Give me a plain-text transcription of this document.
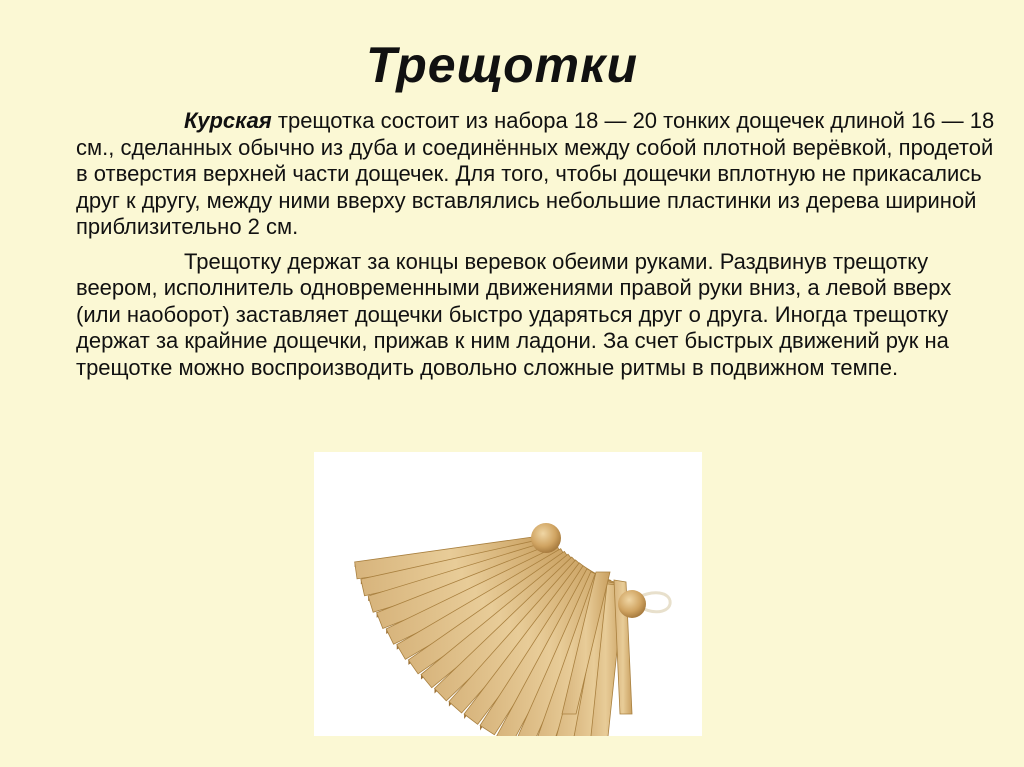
Трещотки

Курская трещотка состоит из набора 18 — 20 тонких дощечек длиной 16 — 18 см., сделанных обычно из дуба и соединённых между собой плотной верёвкой, продетой в отверстия верхней части дощечек. Для того, чтобы дощечки вплотную не прикасались друг к другу, между ними вверху вставлялись небольшие пластинки из дерева шириной приблизительно 2 см.

Трещотку держат за концы веревок обеими руками. Раздвинув трещотку веером, исполнитель одновременными движениями правой руки вниз, а левой вверх (или наоборот) заставляет дощечки быстро ударяться друг о друга. Иногда трещотку держат за крайние дощечки, прижав к ним ладони. За счет быстрых движений рук на трещотке можно воспроизводить довольно сложные ритмы в подвижном темпе.
